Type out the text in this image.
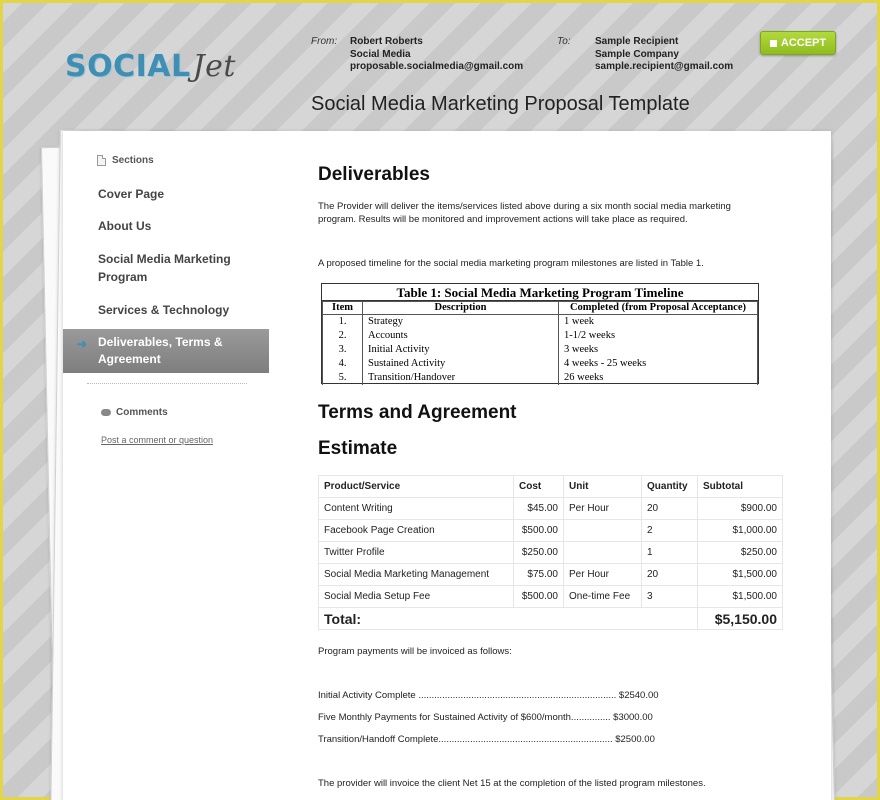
SOCIALJet
From: Robert Roberts
Social Media
proposable.socialmedia@gmail.com
To: Sample Recipient
Sample Company
sample.recipient@gmail.com
ACCEPT
Social Media Marketing Proposal Template
Sections
Cover Page
About Us
Social Media Marketing Program
Services & Technology
➜ Deliverables, Terms & Agreement
Comments
Post a comment or question
Deliverables
The Provider will deliver the items/services listed above during a six month social media marketing program. Results will be monitored and improvement actions will take place as required.
A proposed timeline for the social media marketing program milestones are listed in Table 1.
Table 1: Social Media Marketing Program Timeline
Item	Description	Completed (from Proposal Acceptance)
1.	Strategy	1 week
2.	Accounts	1-1/2 weeks
3.	Initial Activity	3 weeks
4.	Sustained Activity	4 weeks - 25 weeks
5.	Transition/Handover	26 weeks
Terms and Agreement
Estimate
Product/Service	Cost	Unit	Quantity	Subtotal
Content Writing	$45.00	Per Hour	20	$900.00
Facebook Page Creation	$500.00		2	$1,000.00
Twitter Profile	$250.00		1	$250.00
Social Media Marketing Management	$75.00	Per Hour	20	$1,500.00
Social Media Setup Fee	$500.00	One-time Fee	3	$1,500.00
Total:				$5,150.00
Program payments will be invoiced as follows:
Initial Activity Complete ........................................................................... $2540.00
Five Monthly Payments for Sustained Activity of $600/month............... $3000.00
Transition/Handoff Complete.................................................................. $2500.00
The provider will invoice the client Net 15 at the completion of the listed program milestones.
